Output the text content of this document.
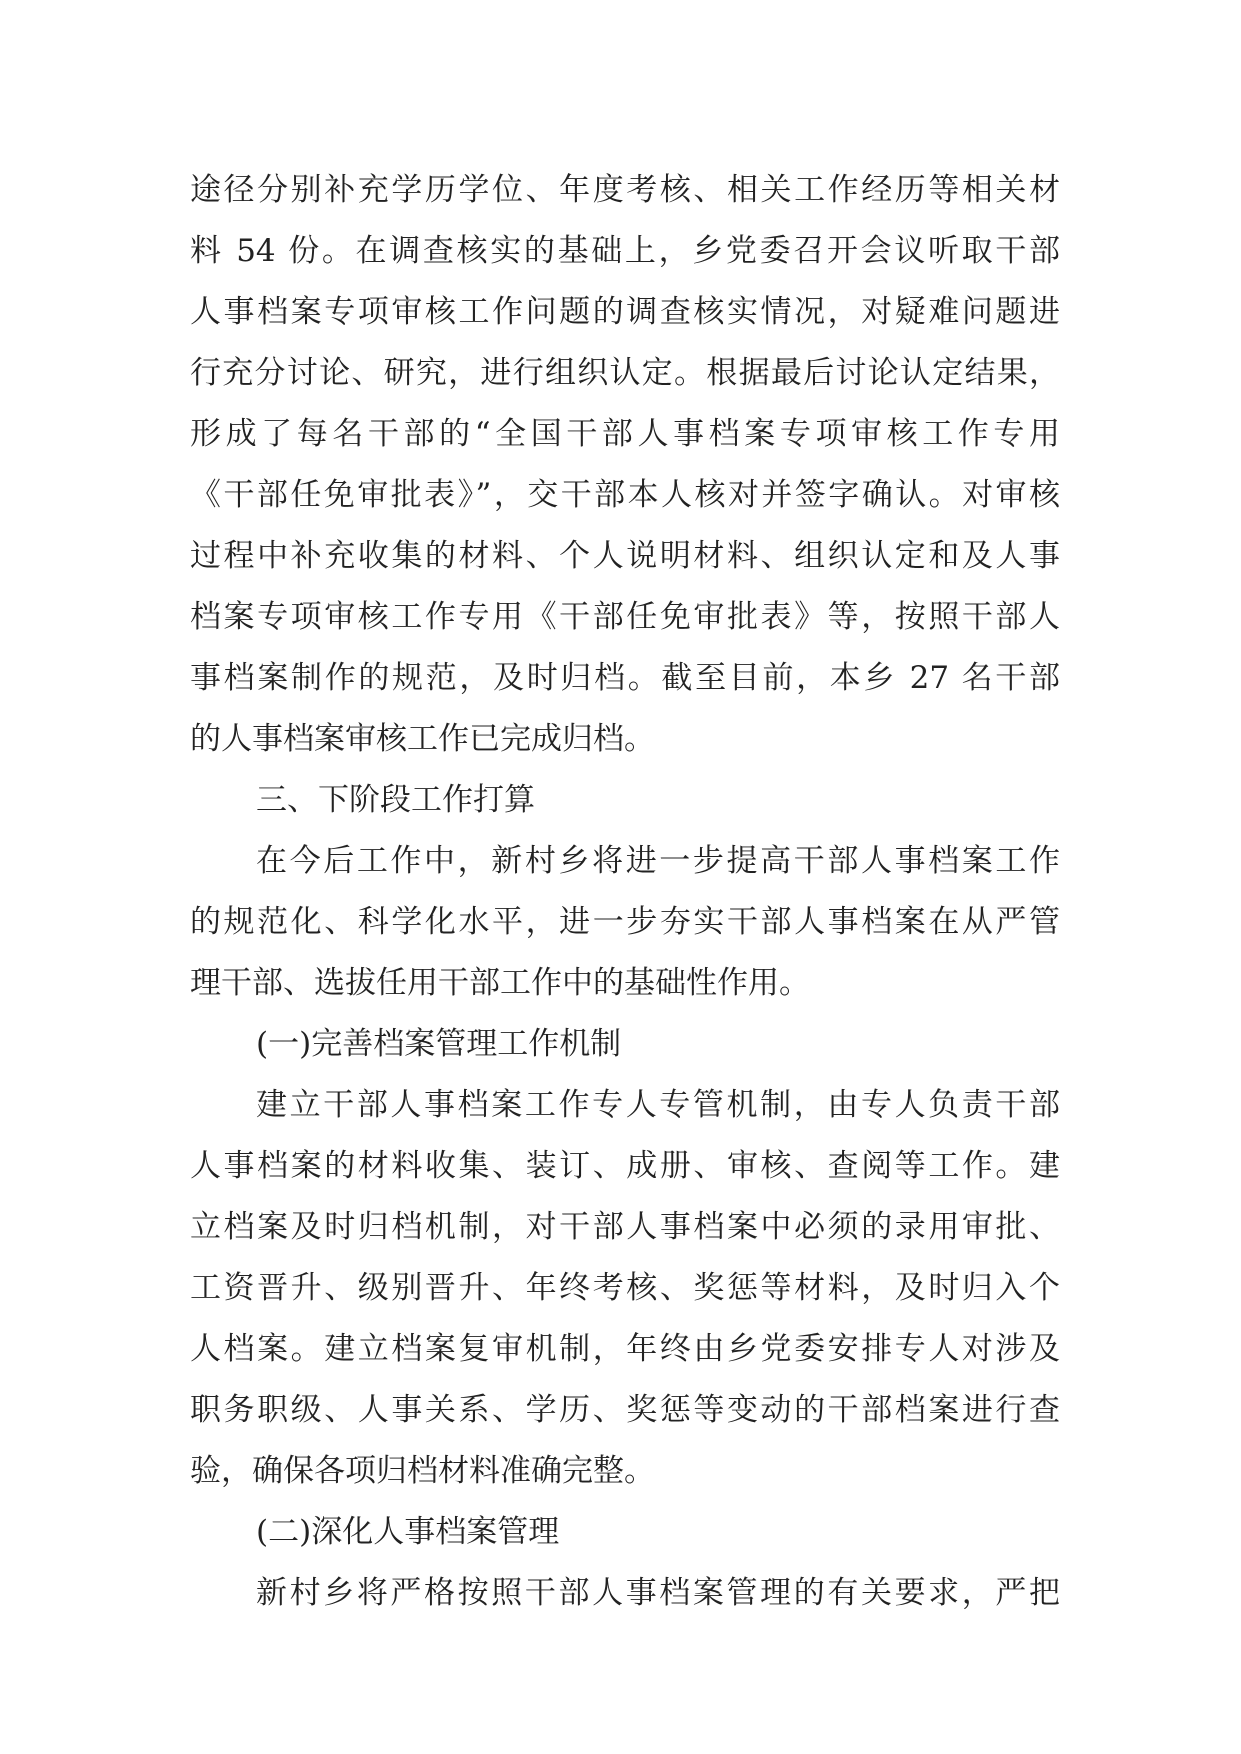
途径分别补充学历学位、年度考核、相关工作经历等相关材
料 54 份。在调查核实的基础上，乡党委召开会议听取干部
人事档案专项审核工作问题的调查核实情况，对疑难问题进
行充分讨论、研究，进行组织认定。根据最后讨论认定结果，
形成了每名干部的“全国干部人事档案专项审核工作专用
《干部任免审批表》”，交干部本人核对并签字确认。对审核
过程中补充收集的材料、个人说明材料、组织认定和及人事
档案专项审核工作专用《干部任免审批表》等，按照干部人
事档案制作的规范，及时归档。截至目前，本乡 27 名干部
的人事档案审核工作已完成归档。
三、下阶段工作打算
在今后工作中，新村乡将进一步提高干部人事档案工作
的规范化、科学化水平，进一步夯实干部人事档案在从严管
理干部、选拔任用干部工作中的基础性作用。
(一)完善档案管理工作机制
建立干部人事档案工作专人专管机制，由专人负责干部
人事档案的材料收集、装订、成册、审核、查阅等工作。建
立档案及时归档机制，对干部人事档案中必须的录用审批、
工资晋升、级别晋升、年终考核、奖惩等材料，及时归入个
人档案。建立档案复审机制，年终由乡党委安排专人对涉及
职务职级、人事关系、学历、奖惩等变动的干部档案进行查
验，确保各项归档材料准确完整。
(二)深化人事档案管理
新村乡将严格按照干部人事档案管理的有关要求，严把
